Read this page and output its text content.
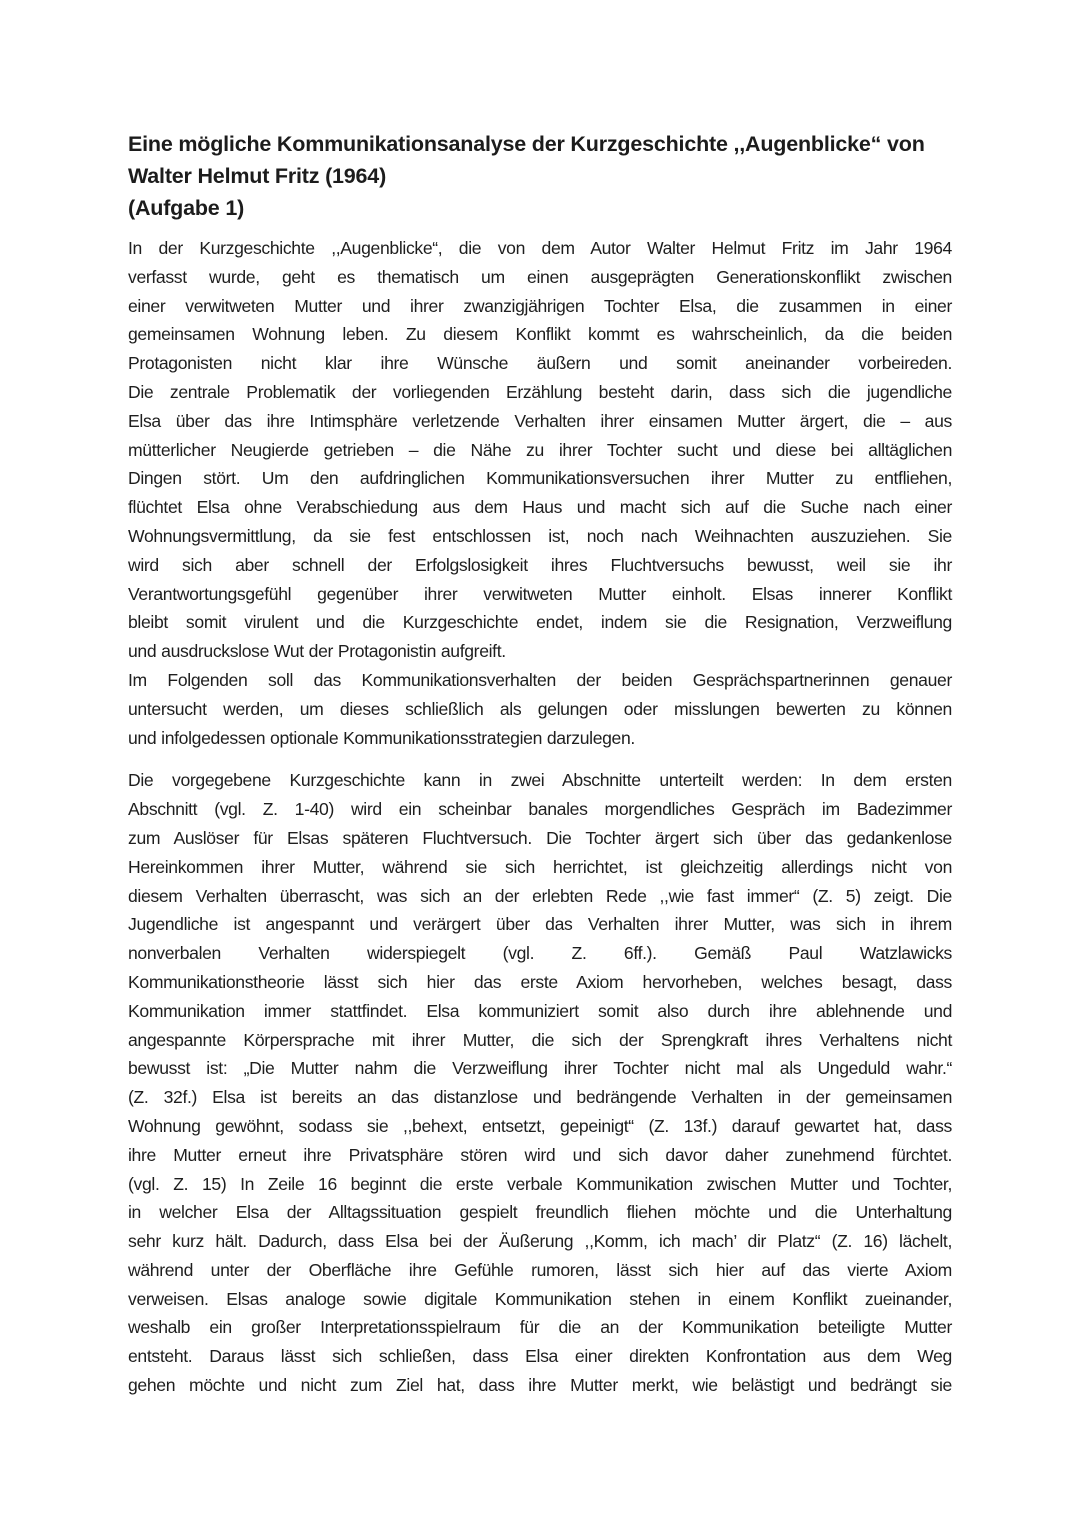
Eine mögliche Kommunikationsanalyse der Kurzgeschichte ,,Augenblicke“ von
Walter Helmut Fritz (1964)
(Aufgabe 1)

In der Kurzgeschichte ,,Augenblicke“, die von dem Autor Walter Helmut Fritz im Jahr 1964
verfasst wurde, geht es thematisch um einen ausgeprägten Generationskonflikt zwischen
einer verwitweten Mutter und ihrer zwanzigjährigen Tochter Elsa, die zusammen in einer
gemeinsamen Wohnung leben. Zu diesem Konflikt kommt es wahrscheinlich, da die beiden
Protagonisten nicht klar ihre Wünsche äußern und somit aneinander vorbeireden.
Die zentrale Problematik der vorliegenden Erzählung besteht darin, dass sich die jugendliche
Elsa über das ihre Intimsphäre verletzende Verhalten ihrer einsamen Mutter ärgert, die – aus
mütterlicher Neugierde getrieben – die Nähe zu ihrer Tochter sucht und diese bei alltäglichen
Dingen stört. Um den aufdringlichen Kommunikationsversuchen ihrer Mutter zu entfliehen,
flüchtet Elsa ohne Verabschiedung aus dem Haus und macht sich auf die Suche nach einer
Wohnungsvermittlung, da sie fest entschlossen ist, noch nach Weihnachten auszuziehen. Sie
wird sich aber schnell der Erfolgslosigkeit ihres Fluchtversuchs bewusst, weil sie ihr
Verantwortungsgefühl gegenüber ihrer verwitweten Mutter einholt. Elsas innerer Konflikt
bleibt somit virulent und die Kurzgeschichte endet, indem sie die Resignation, Verzweiflung
und ausdruckslose Wut der Protagonistin aufgreift.

Im Folgenden soll das Kommunikationsverhalten der beiden Gesprächspartnerinnen genauer
untersucht werden, um dieses schließlich als gelungen oder misslungen bewerten zu können
und infolgedessen optionale Kommunikationsstrategien darzulegen.

Die vorgegebene Kurzgeschichte kann in zwei Abschnitte unterteilt werden: In dem ersten
Abschnitt (vgl. Z. 1-40) wird ein scheinbar banales morgendliches Gespräch im Badezimmer
zum Auslöser für Elsas späteren Fluchtversuch. Die Tochter ärgert sich über das gedankenlose
Hereinkommen ihrer Mutter, während sie sich herrichtet, ist gleichzeitig allerdings nicht von
diesem Verhalten überrascht, was sich an der erlebten Rede ,,wie fast immer“ (Z. 5) zeigt. Die
Jugendliche ist angespannt und verärgert über das Verhalten ihrer Mutter, was sich in ihrem
nonverbalen Verhalten widerspiegelt (vgl. Z. 6ff.). Gemäß Paul Watzlawicks
Kommunikationstheorie lässt sich hier das erste Axiom hervorheben, welches besagt, dass
Kommunikation immer stattfindet. Elsa kommuniziert somit also durch ihre ablehnende und
angespannte Körpersprache mit ihrer Mutter, die sich der Sprengkraft ihres Verhaltens nicht
bewusst ist: „Die Mutter nahm die Verzweiflung ihrer Tochter nicht mal als Ungeduld wahr.“
(Z. 32f.) Elsa ist bereits an das distanzlose und bedrängende Verhalten in der gemeinsamen
Wohnung gewöhnt, sodass sie ,,behext, entsetzt, gepeinigt“ (Z. 13f.) darauf gewartet hat, dass
ihre Mutter erneut ihre Privatsphäre stören wird und sich davor daher zunehmend fürchtet.
(vgl. Z. 15) In Zeile 16 beginnt die erste verbale Kommunikation zwischen Mutter und Tochter,
in welcher Elsa der Alltagssituation gespielt freundlich fliehen möchte und die Unterhaltung
sehr kurz hält. Dadurch, dass Elsa bei der Äußerung ,,Komm, ich mach’ dir Platz“ (Z. 16) lächelt,
während unter der Oberfläche ihre Gefühle rumoren, lässt sich hier auf das vierte Axiom
verweisen. Elsas analoge sowie digitale Kommunikation stehen in einem Konflikt zueinander,
weshalb ein großer Interpretationsspielraum für die an der Kommunikation beteiligte Mutter
entsteht. Daraus lässt sich schließen, dass Elsa einer direkten Konfrontation aus dem Weg
gehen möchte und nicht zum Ziel hat, dass ihre Mutter merkt, wie belästigt und bedrängt sie
